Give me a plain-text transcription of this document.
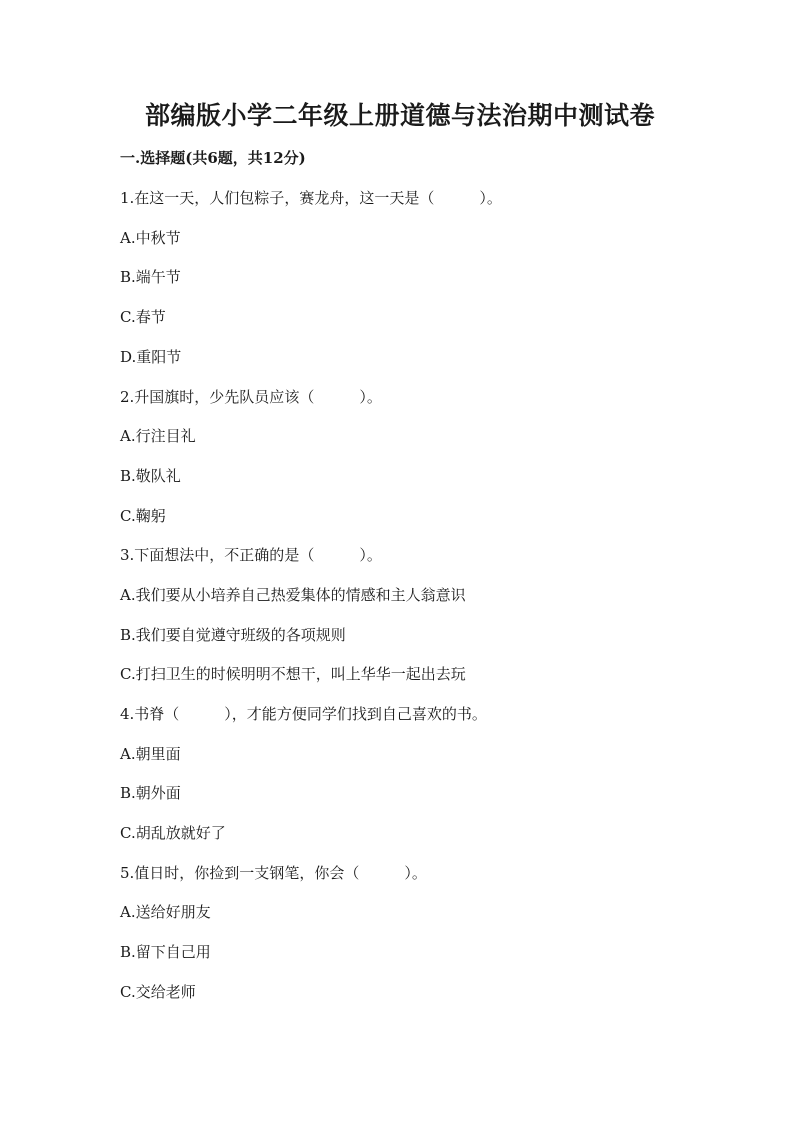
部编版小学二年级上册道德与法治期中测试卷
一.选择题(共6题，共12分)
1.在这一天，人们包粽子，赛龙舟，这一天是（　　　）。
A.中秋节
B.端午节
C.春节
D.重阳节
2.升国旗时，少先队员应该（　　　）。
A.行注目礼
B.敬队礼
C.鞠躬
3.下面想法中，不正确的是（　　　）。
A.我们要从小培养自己热爱集体的情感和主人翁意识
B.我们要自觉遵守班级的各项规则
C.打扫卫生的时候明明不想干，叫上华华一起出去玩
4.书脊（　　　），才能方便同学们找到自己喜欢的书。
A.朝里面
B.朝外面
C.胡乱放就好了
5.值日时，你捡到一支钢笔，你会（　　　）。
A.送给好朋友
B.留下自己用
C.交给老师
